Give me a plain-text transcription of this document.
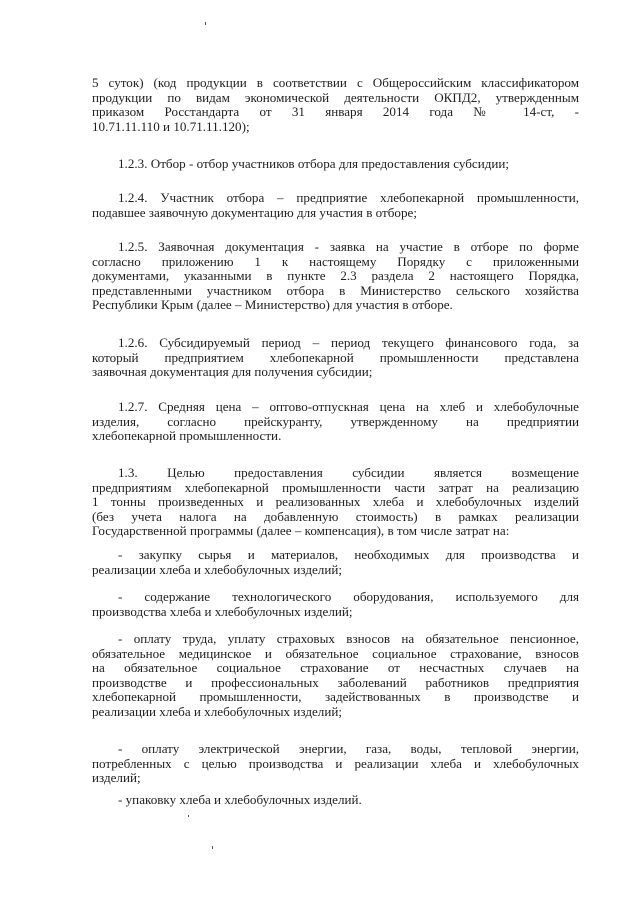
5 суток) (код продукции в соответствии с Общероссийским классификатором
продукции по видам экономической деятельности ОКПД2, утвержденным
приказом Росстандарта от 31 января 2014 года № 14-ст, -
10.71.11.110 и 10.71.11.120);
1.2.3. Отбор - отбор участников отбора для предоставления субсидии;
1.2.4. Участник отбора – предприятие хлебопекарной промышленности,
подавшее заявочную документацию для участия в отборе;
1.2.5. Заявочная документация - заявка на участие в отборе по форме
согласно приложению 1 к настоящему Порядку с приложенными
документами, указанными в пункте 2.3 раздела 2 настоящего Порядка,
представленными участником отбора в Министерство сельского хозяйства
Республики Крым (далее – Министерство) для участия в отборе.
1.2.6. Субсидируемый период – период текущего финансового года, за
который предприятием хлебопекарной промышленности представлена
заявочная документация для получения субсидии;
1.2.7. Средняя цена – оптово-отпускная цена на хлеб и хлебобулочные
изделия, согласно прейскуранту, утвержденному на предприятии
хлебопекарной промышленности.
1.3. Целью предоставления субсидии является возмещение
предприятиям хлебопекарной промышленности части затрат на реализацию
1 тонны произведенных и реализованных хлеба и хлебобулочных изделий
(без учета налога на добавленную стоимость) в рамках реализации
Государственной программы (далее – компенсация), в том числе затрат на:
- закупку сырья и материалов, необходимых для производства и
реализации хлеба и хлебобулочных изделий;
- содержание технологического оборудования, используемого для
производства хлеба и хлебобулочных изделий;
- оплату труда, уплату страховых взносов на обязательное пенсионное,
обязательное медицинское и обязательное социальное страхование, взносов
на обязательное социальное страхование от несчастных случаев на
производстве и профессиональных заболеваний работников предприятия
хлебопекарной промышленности, задействованных в производстве и
реализации хлеба и хлебобулочных изделий;
- оплату электрической энергии, газа, воды, тепловой энергии,
потребленных с целью производства и реализации хлеба и хлебобулочных
изделий;
- упаковку хлеба и хлебобулочных изделий.
